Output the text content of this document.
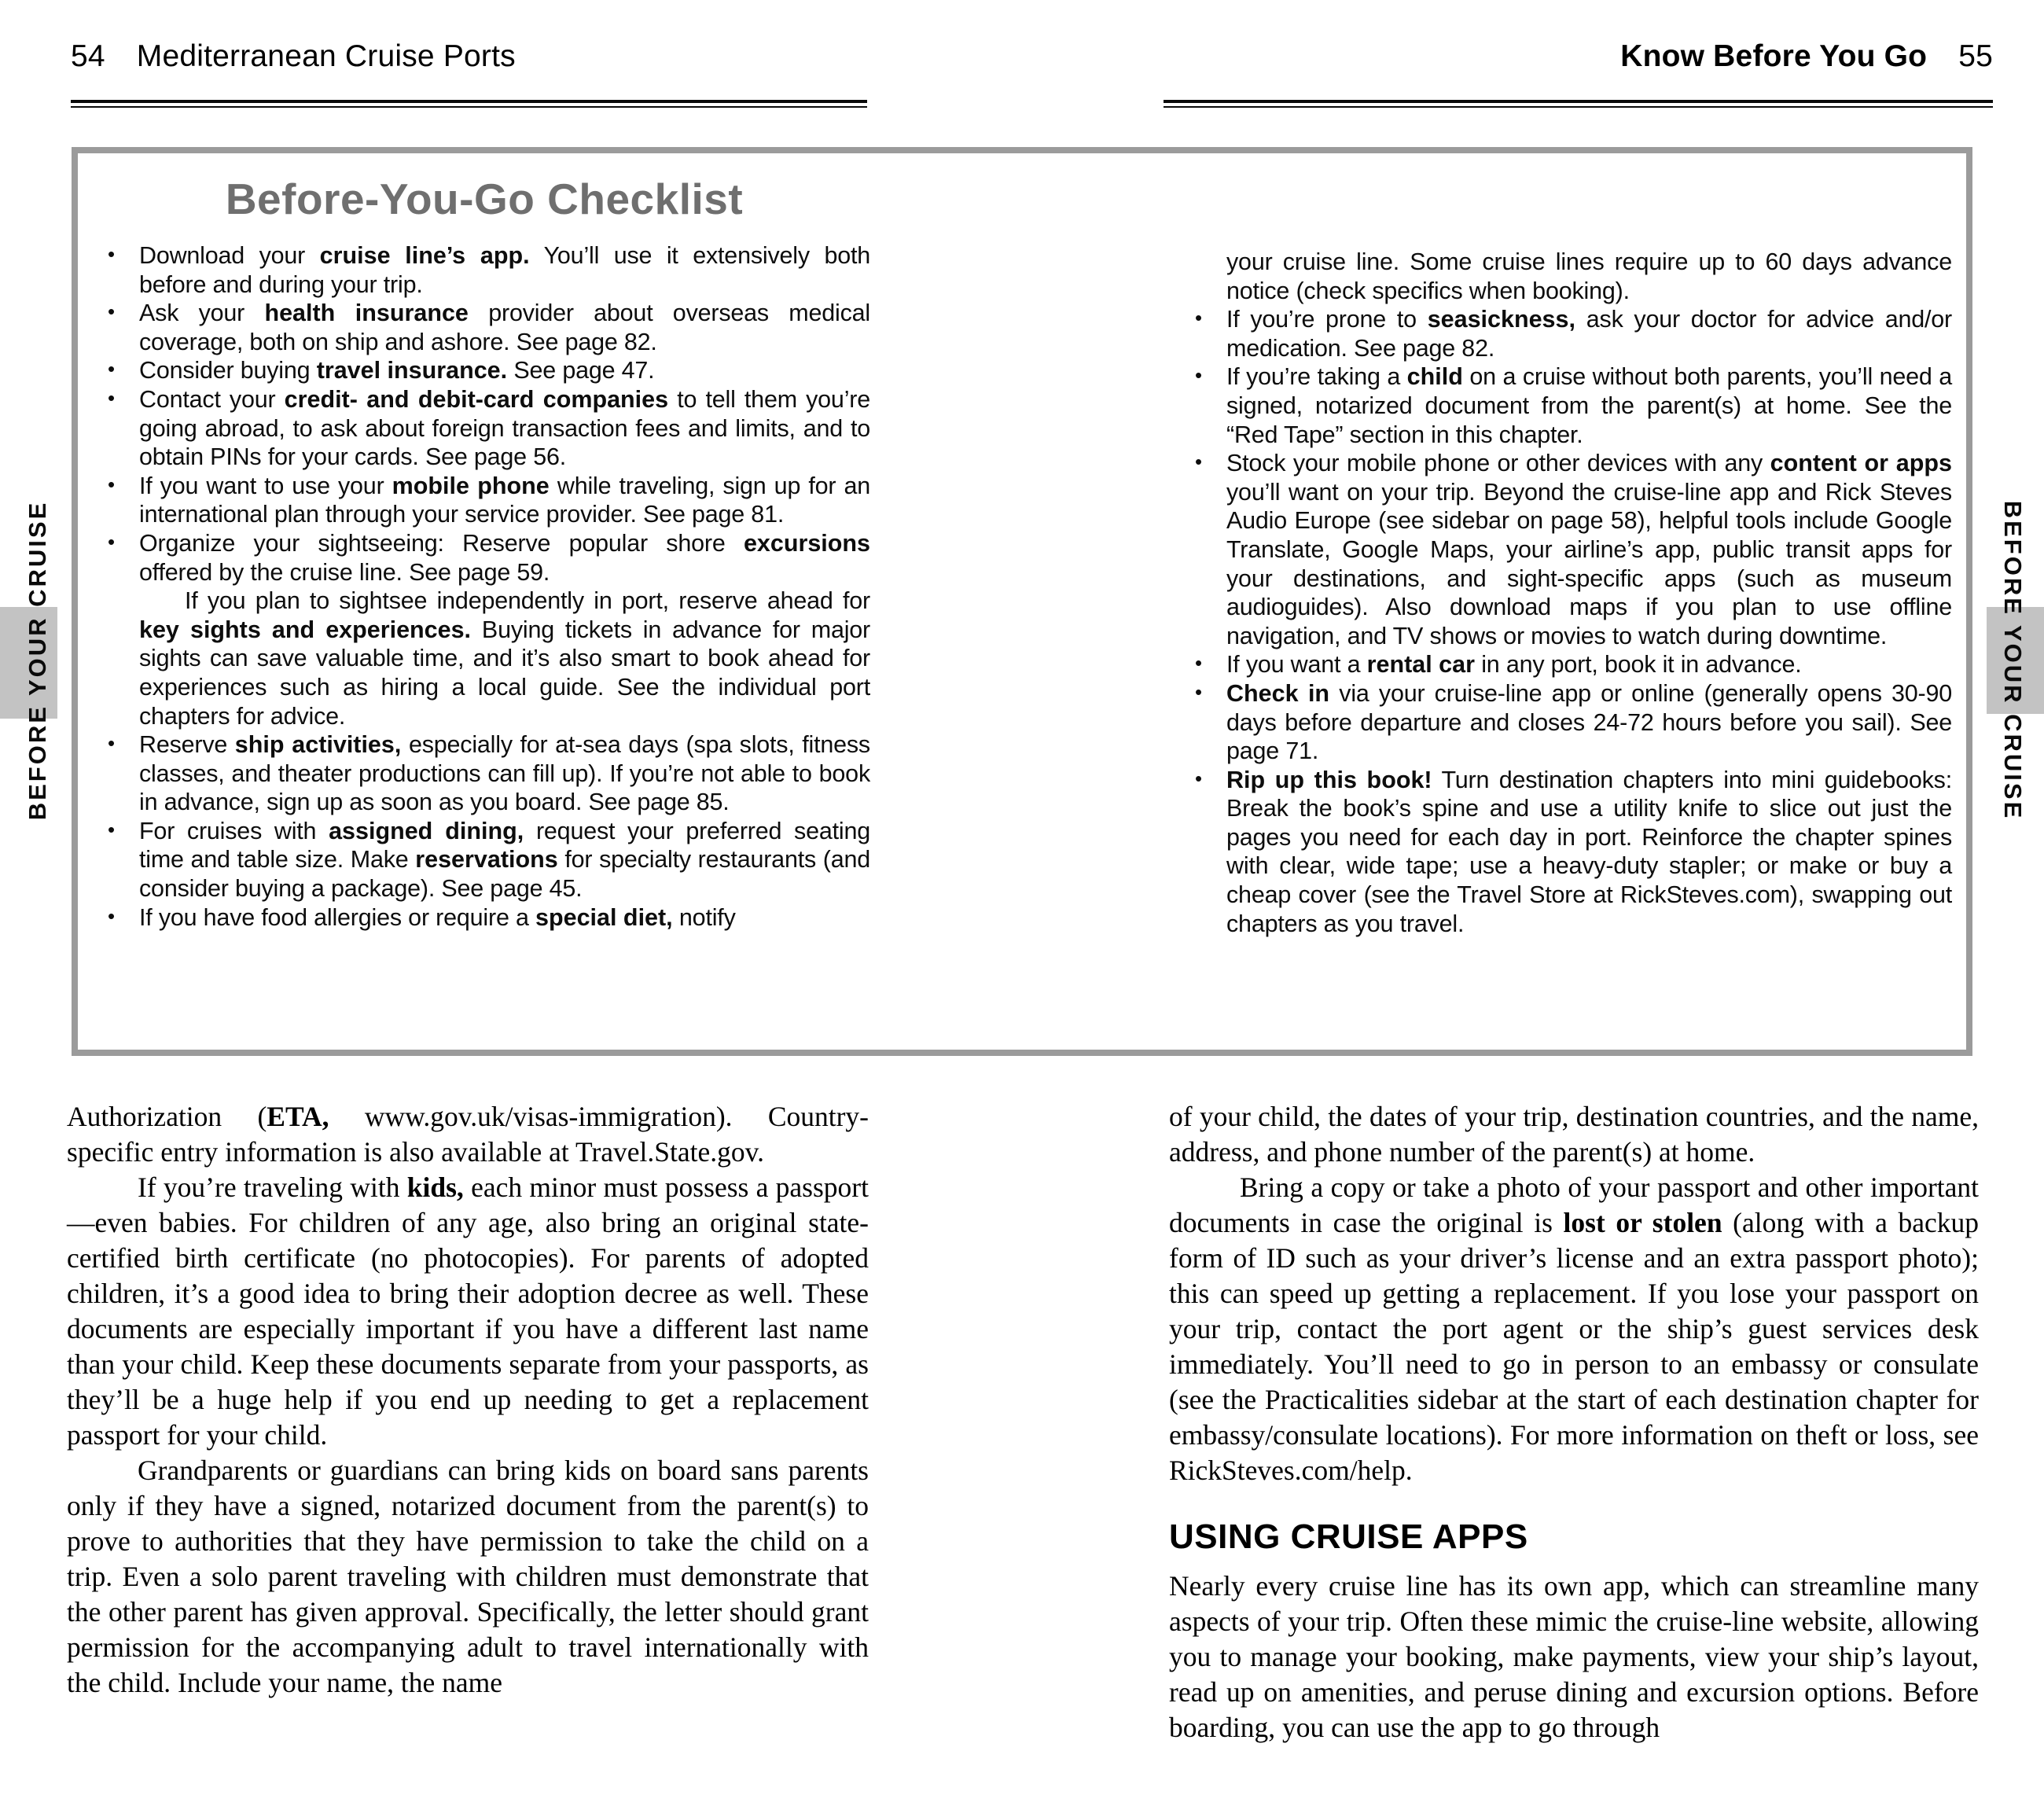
54 Mediterranean Cruise Ports	Know Before You Go 55
BEFORE YOUR CRUISE	BEFORE YOUR CRUISE
Before-You-Go Checklist
• Download your cruise line’s app. You’ll use it extensively both before and during your trip.
• Ask your health insurance provider about overseas medical coverage, both on ship and ashore. See page 82.
• Consider buying travel insurance. See page 47.
• Contact your credit- and debit-card companies to tell them you’re going abroad, to ask about foreign transaction fees and limits, and to obtain PINs for your cards. See page 56.
• If you want to use your mobile phone while traveling, sign up for an international plan through your service provider. See page 81.
• Organize your sightseeing: Reserve popular shore excursions offered by the cruise line. See page 59.
If you plan to sightsee independently in port, reserve ahead for key sights and experiences. Buying tickets in advance for major sights can save valuable time, and it’s also smart to book ahead for experiences such as hiring a local guide. See the individual port chapters for advice.
• Reserve ship activities, especially for at-sea days (spa slots, fitness classes, and theater productions can fill up). If you’re not able to book in advance, sign up as soon as you board. See page 85.
• For cruises with assigned dining, request your preferred seating time and table size. Make reservations for specialty restaurants (and consider buying a package). See page 45.
• If you have food allergies or require a special diet, notify
your cruise line. Some cruise lines require up to 60 days advance notice (check specifics when booking).
• If you’re prone to seasickness, ask your doctor for advice and/or medication. See page 82.
• If you’re taking a child on a cruise without both parents, you’ll need a signed, notarized document from the parent(s) at home. See the “Red Tape” section in this chapter.
• Stock your mobile phone or other devices with any content or apps you’ll want on your trip. Beyond the cruise-line app and Rick Steves Audio Europe (see sidebar on page 58), helpful tools include Google Translate, Google Maps, your airline’s app, public transit apps for your destinations, and sight-specific apps (such as museum audioguides). Also download maps if you plan to use offline navigation, and TV shows or movies to watch during downtime.
• If you want a rental car in any port, book it in advance.
• Check in via your cruise-line app or online (generally opens 30-90 days before departure and closes 24-72 hours before you sail). See page 71.
• Rip up this book! Turn destination chapters into mini guidebooks: Break the book’s spine and use a utility knife to slice out just the pages you need for each day in port. Reinforce the chapter spines with clear, wide tape; use a heavy-duty stapler; or make or buy a cheap cover (see the Travel Store at RickSteves.com), swapping out chapters as you travel.
Authorization (ETA, www.gov.uk/visas-immigration). Country-specific entry information is also available at Travel.State.gov.
If you’re traveling with kids, each minor must possess a passport—even babies. For children of any age, also bring an original state-certified birth certificate (no photocopies). For parents of adopted children, it’s a good idea to bring their adoption decree as well. These documents are especially important if you have a different last name than your child. Keep these documents separate from your passports, as they’ll be a huge help if you end up needing to get a replacement passport for your child.
Grandparents or guardians can bring kids on board sans parents only if they have a signed, notarized document from the parent(s) to prove to authorities that they have permission to take the child on a trip. Even a solo parent traveling with children must demonstrate that the other parent has given approval. Specifically, the letter should grant permission for the accompanying adult to travel internationally with the child. Include your name, the name
of your child, the dates of your trip, destination countries, and the name, address, and phone number of the parent(s) at home.
Bring a copy or take a photo of your passport and other important documents in case the original is lost or stolen (along with a backup form of ID such as your driver’s license and an extra passport photo); this can speed up getting a replacement. If you lose your passport on your trip, contact the port agent or the ship’s guest services desk immediately. You’ll need to go in person to an embassy or consulate (see the Practicalities sidebar at the start of each destination chapter for embassy/consulate locations). For more information on theft or loss, see RickSteves.com/help.
USING CRUISE APPS
Nearly every cruise line has its own app, which can streamline many aspects of your trip. Often these mimic the cruise-line website, allowing you to manage your booking, make payments, view your ship’s layout, read up on amenities, and peruse dining and excursion options. Before boarding, you can use the app to go through
